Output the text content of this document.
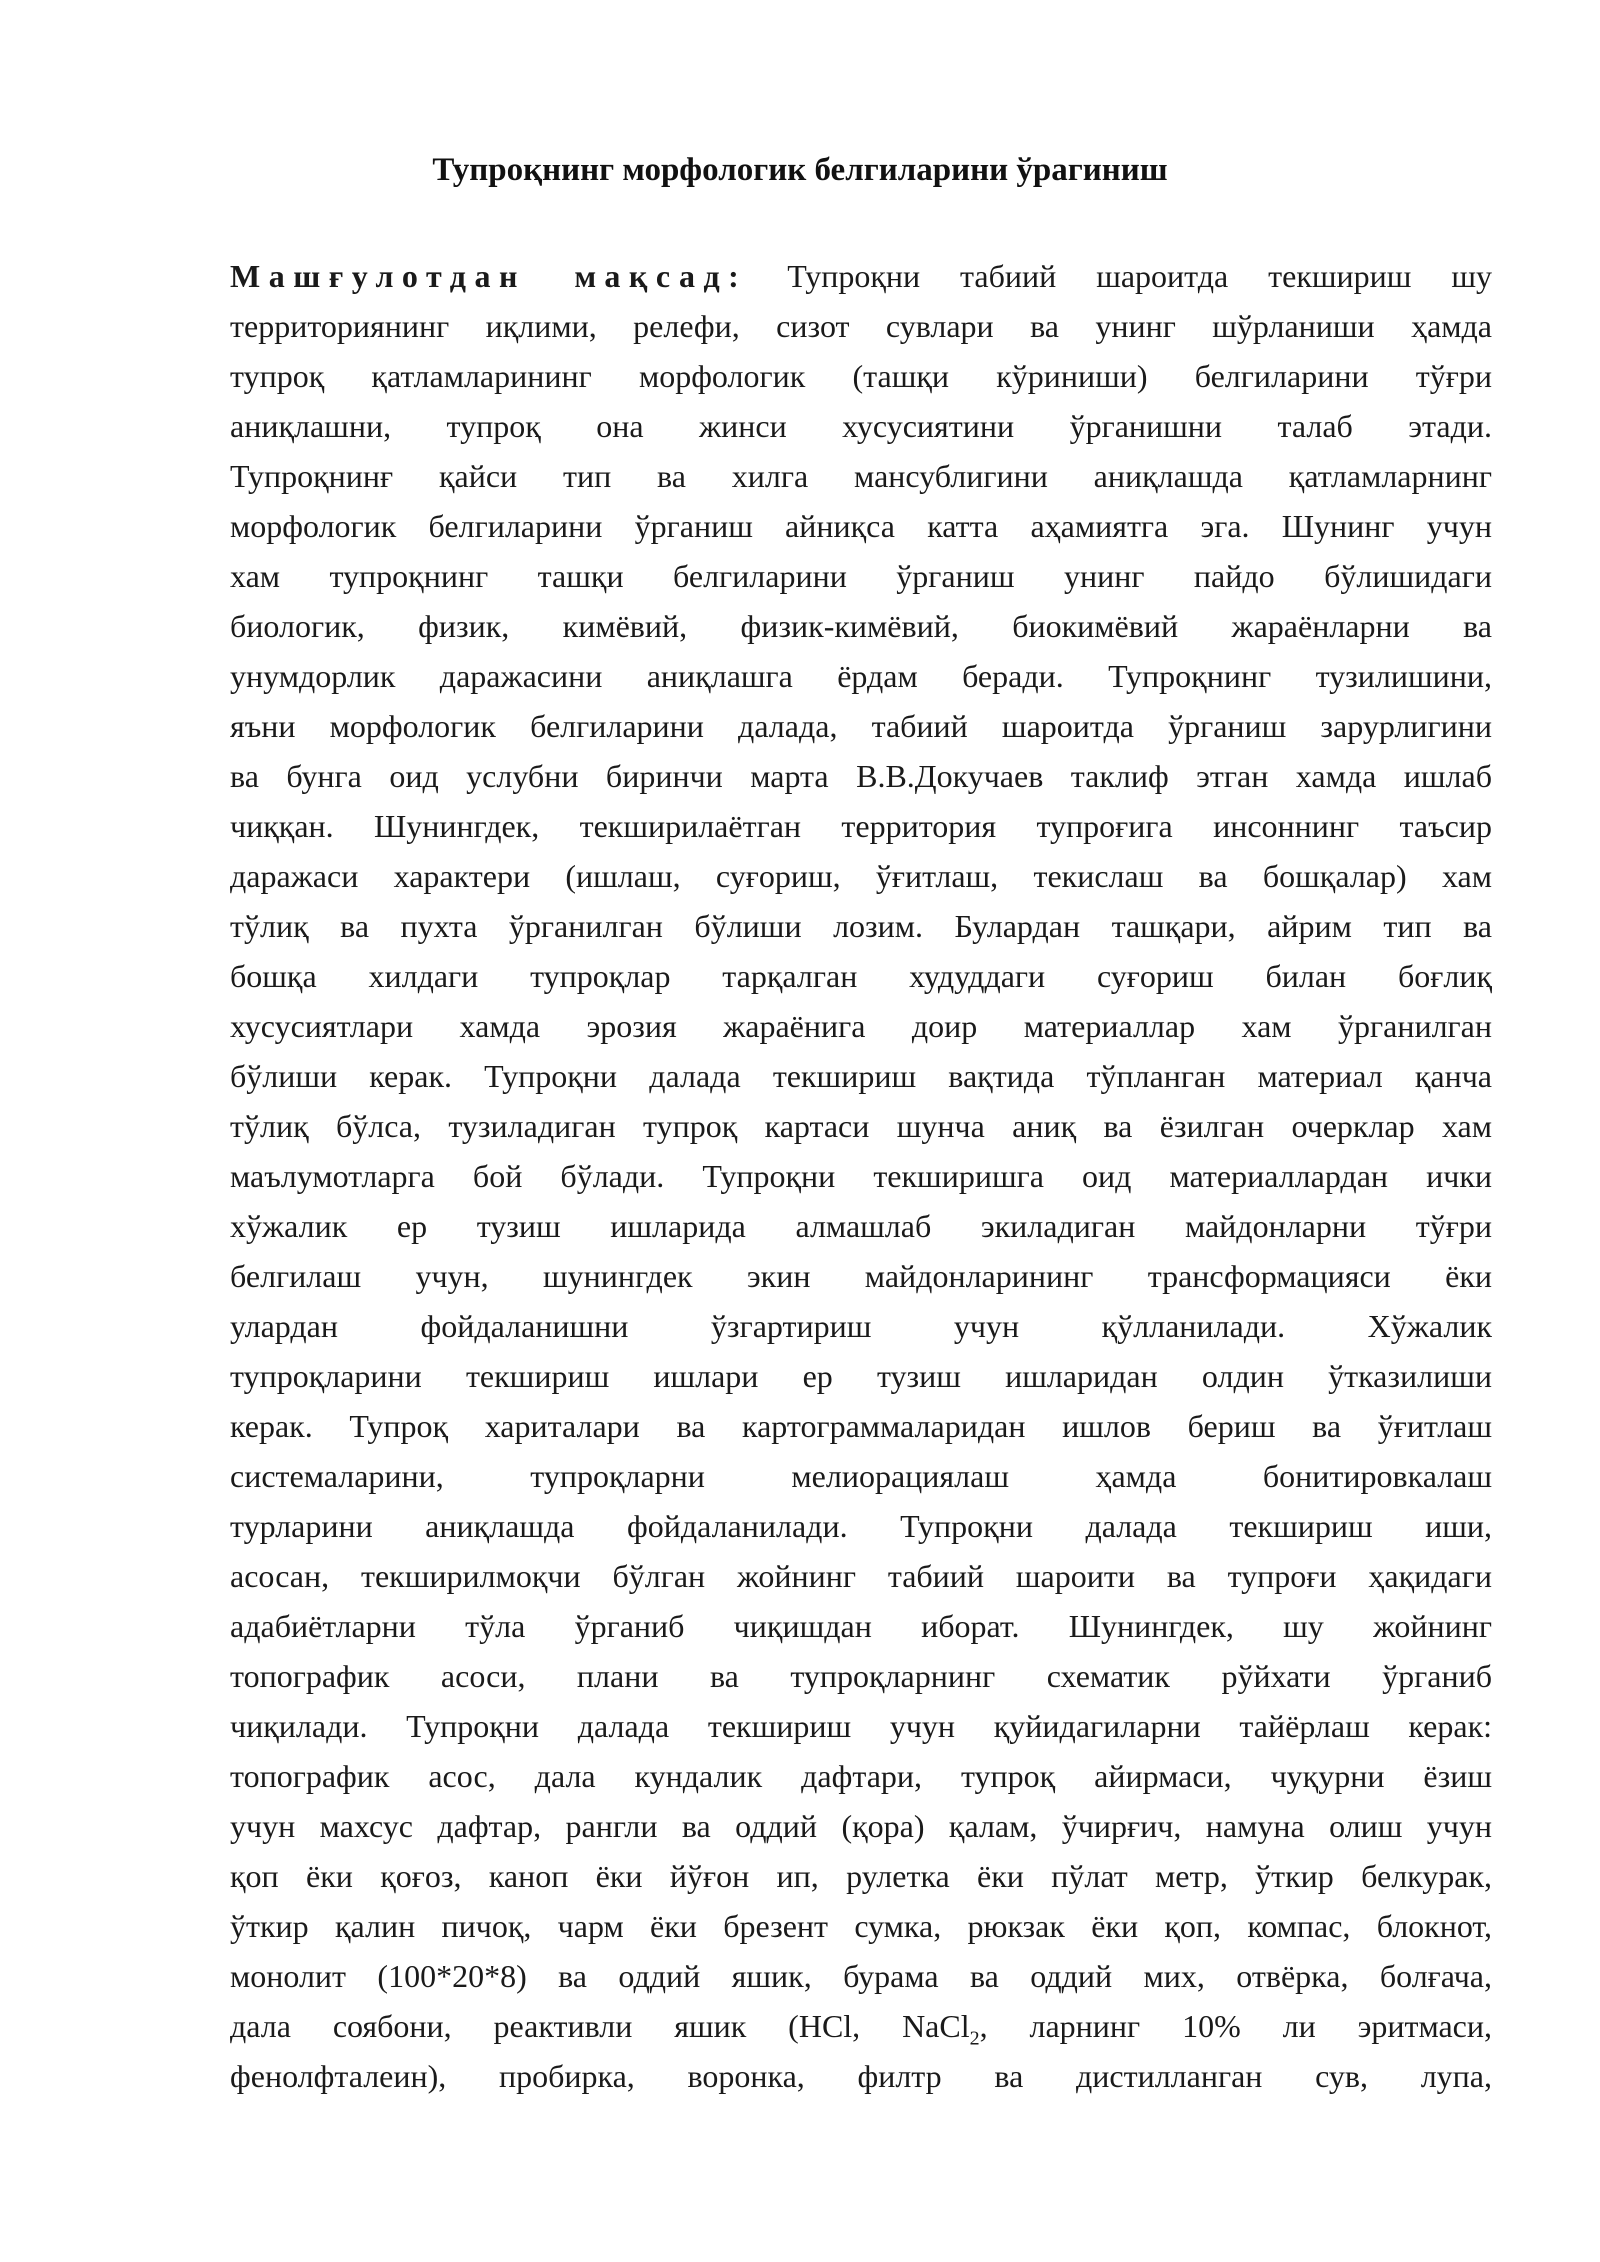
Тупроқнинг морфологик белгиларини ўрагиниш
Машғулотдан мақсад: Тупроқни табиий шароитда текшириш шу
территориянинг иқлими, релефи, сизот сувлари ва унинг шўрланиши ҳамда
тупроқ қатламларининг морфологик (ташқи кўриниши) белгиларини тўғри
аниқлашни, тупроқ она жинси хусусиятини ўрганишни талаб этади.
Тупроқнинғ қайси тип ва хилга мансублигини аниқлашда қатламларнинг
морфологик белгиларини ўрганиш айниқса катта аҳамиятга эга. Шунинг учун
хам тупроқнинг ташқи белгиларини ўрганиш унинг пайдо бўлишидаги
биологик, физик, кимёвий, физик-кимёвий, биокимёвий жараёнларни ва
унумдорлик даражасини аниқлашга ёрдам беради. Тупроқнинг тузилишини,
яъни морфологик белгиларини далада, табиий шароитда ўрганиш зарурлигини
ва бунга оид услубни биринчи марта В.В.Докучаев таклиф этган хамда ишлаб
чиққан. Шунингдек, текширилаётган территория тупроғига инсоннинг таъсир
даражаси характери (ишлаш, суғориш, ўғитлаш, текислаш ва бошқалар) хам
тўлиқ ва пухта ўрганилган бўлиши лозим. Булардан ташқари, айрим тип ва
бошқа хилдаги тупроқлар тарқалган худуддаги суғориш билан боғлиқ
хусусиятлари хамда эрозия жараёнига доир материаллар хам ўрганилган
бўлиши керак. Тупроқни далада текшириш вақтида тўпланган материал қанча
тўлиқ бўлса, тузиладиган тупроқ картаси шунча аниқ ва ёзилган очерклар хам
маълумотларга бой бўлади. Тупроқни текширишга оид материаллардан ички
хўжалик ер тузиш ишларида алмашлаб экиладиган майдонларни тўғри
белгилаш учун, шунингдек экин майдонларининг трансформацияси ёки
улардан фойдаланишни ўзгартириш учун қўлланилади. Хўжалик
тупроқларини текшириш ишлари ер тузиш ишларидан олдин ўтказилиши
керак. Тупроқ хариталари ва картограммаларидан ишлов бериш ва ўғитлаш
системаларини, тупроқларни мелиорациялаш ҳамда бонитировкалаш
турларини аниқлашда фойдаланилади. Тупроқни далада текшириш иши,
асосан, текширилмоқчи бўлган жойнинг табиий шароити ва тупроғи ҳақидаги
адабиётларни тўла ўрганиб чиқишдан иборат. Шунингдек, шу жойнинг
топографик асоси, плани ва тупроқларнинг схематик рўйхати ўрганиб
чиқилади. Тупроқни далада текшириш учун қуйидагиларни тайёрлаш керак:
топографик асос, дала кундалик дафтари, тупроқ айирмаси, чуқурни ёзиш
учун махсус дафтар, рангли ва оддий (қора) қалам, ўчирғич, намуна олиш учун
қоп ёки қоғоз, каноп ёки йўғон ип, рулетка ёки пўлат метр, ўткир белкурак,
ўткир қалин пичоқ, чарм ёки брезент сумка, рюкзак ёки қоп, компас, блокнот,
монолит (100*20*8) ва оддий яшик, бурама ва оддий мих, отвёрка, болғача,
дала соябони, реактивли яшик (HCl, NaCl$_2$, ларнинг 10% ли эритмаси,
фенолфталеин), пробирка, воронка, филтр ва дистилланган сув, лупа,
